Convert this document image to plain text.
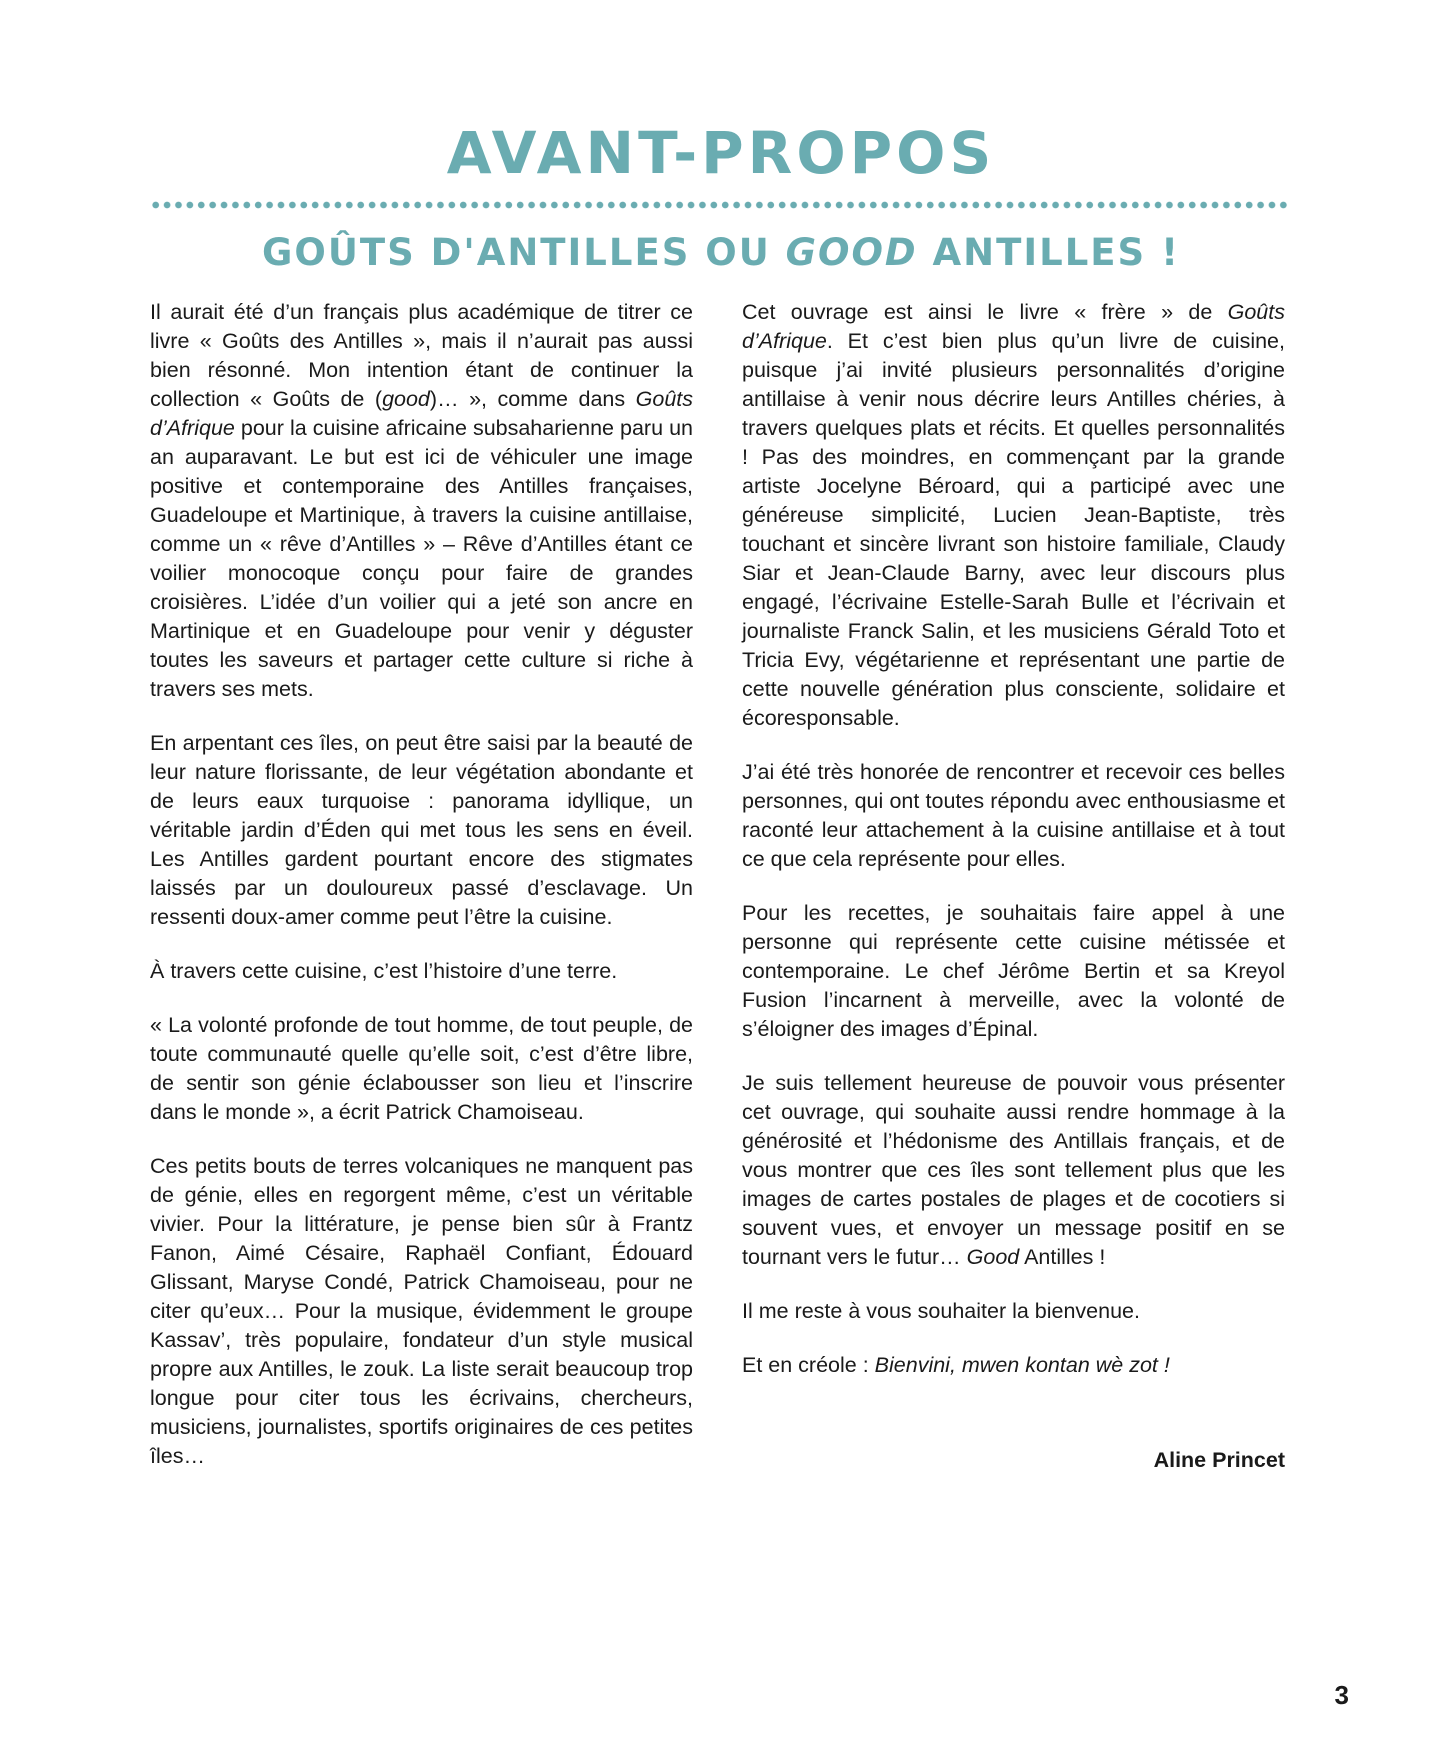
AVANT-PROPOS
GOÛTS D'ANTILLES OU GOOD ANTILLES !

Il aurait été d’un français plus académique de titrer ce livre « Goûts des Antilles », mais il n’aurait pas aussi bien résonné. Mon intention étant de continuer la collection « Goûts de (good)… », comme dans Goûts d’Afrique pour la cuisine africaine subsaharienne paru un an auparavant. Le but est ici de véhiculer une image positive et contemporaine des Antilles françaises, Guadeloupe et Martinique, à travers la cuisine antillaise, comme un « rêve d’Antilles » – Rêve d’Antilles étant ce voilier monocoque conçu pour faire de grandes croisières. L’idée d’un voilier qui a jeté son ancre en Martinique et en Guadeloupe pour venir y déguster toutes les saveurs et partager cette culture si riche à travers ses mets.

En arpentant ces îles, on peut être saisi par la beauté de leur nature florissante, de leur végétation abondante et de leurs eaux turquoise : panorama idyllique, un véritable jardin d’Éden qui met tous les sens en éveil. Les Antilles gardent pourtant encore des stigmates laissés par un douloureux passé d’esclavage. Un ressenti doux-amer comme peut l’être la cuisine.

À travers cette cuisine, c’est l’histoire d’une terre.

« La volonté profonde de tout homme, de tout peuple, de toute communauté quelle qu’elle soit, c’est d’être libre, de sentir son génie éclabousser son lieu et l’inscrire dans le monde », a écrit Patrick Chamoiseau.

Ces petits bouts de terres volcaniques ne manquent pas de génie, elles en regorgent même, c’est un véritable vivier. Pour la littérature, je pense bien sûr à Frantz Fanon, Aimé Césaire, Raphaël Confiant, Édouard Glissant, Maryse Condé, Patrick Chamoiseau, pour ne citer qu’eux… Pour la musique, évidemment le groupe Kassav’, très populaire, fondateur d’un style musical propre aux Antilles, le zouk. La liste serait beaucoup trop longue pour citer tous les écrivains, chercheurs, musiciens, journalistes, sportifs originaires de ces petites îles…

Cet ouvrage est ainsi le livre « frère » de Goûts d’Afrique. Et c’est bien plus qu’un livre de cuisine, puisque j’ai invité plusieurs personnalités d’origine antillaise à venir nous décrire leurs Antilles chéries, à travers quelques plats et récits. Et quelles personnalités ! Pas des moindres, en commençant par la grande artiste Jocelyne Béroard, qui a participé avec une généreuse simplicité, Lucien Jean-Baptiste, très touchant et sincère livrant son histoire familiale, Claudy Siar et Jean-Claude Barny, avec leur discours plus engagé, l’écrivaine Estelle-Sarah Bulle et l’écrivain et journaliste Franck Salin, et les musiciens Gérald Toto et Tricia Evy, végétarienne et représentant une partie de cette nouvelle génération plus consciente, solidaire et écoresponsable.

J’ai été très honorée de rencontrer et recevoir ces belles personnes, qui ont toutes répondu avec enthousiasme et raconté leur attachement à la cuisine antillaise et à tout ce que cela représente pour elles.

Pour les recettes, je souhaitais faire appel à une personne qui représente cette cuisine métissée et contemporaine. Le chef Jérôme Bertin et sa Kreyol Fusion l’incarnent à merveille, avec la volonté de s’éloigner des images d’Épinal.

Je suis tellement heureuse de pouvoir vous présenter cet ouvrage, qui souhaite aussi rendre hommage à la générosité et l’hédonisme des Antillais français, et de vous montrer que ces îles sont tellement plus que les images de cartes postales de plages et de cocotiers si souvent vues, et envoyer un message positif en se tournant vers le futur… Good Antilles !

Il me reste à vous souhaiter la bienvenue.

Et en créole : Bienvini, mwen kontan wè zot !

Aline Princet

3
